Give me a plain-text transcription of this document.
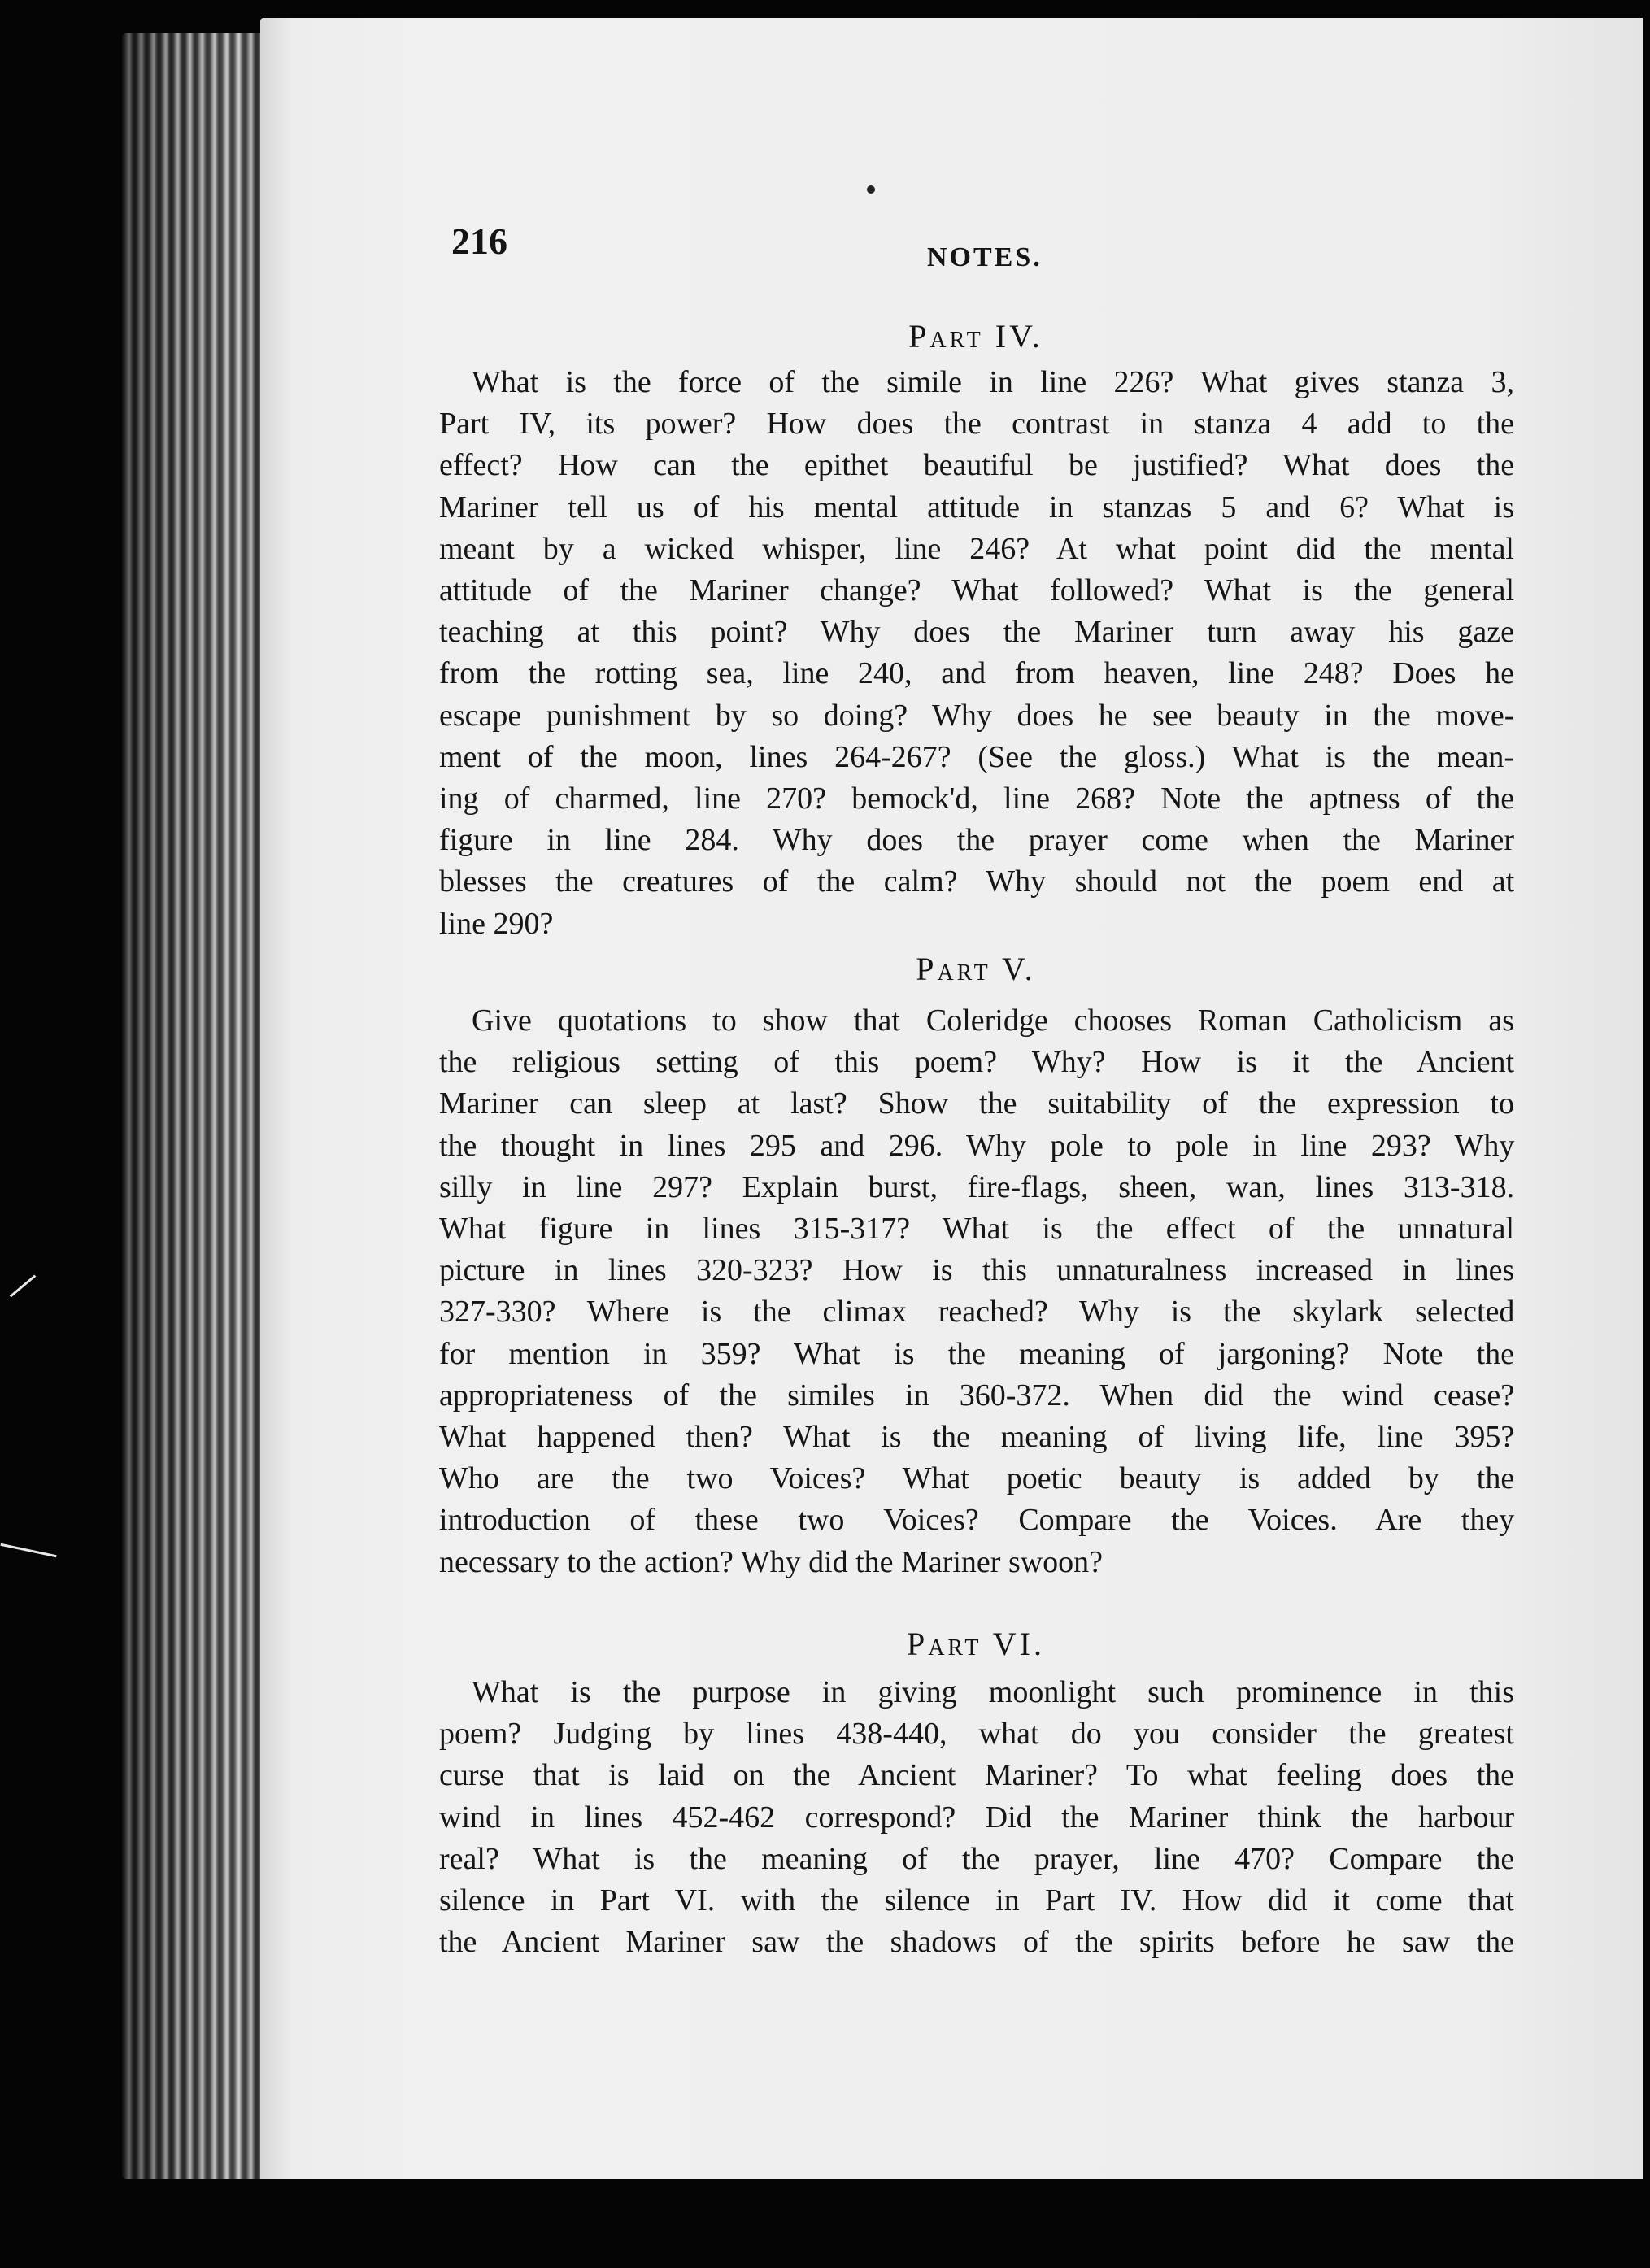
216	NOTES.
Part IV.
What is the force of the simile in line 226? What gives stanza 3,
Part IV, its power? How does the contrast in stanza 4 add to the
effect? How can the epithet beautiful be justified? What does the
Mariner tell us of his mental attitude in stanzas 5 and 6? What is
meant by a wicked whisper, line 246? At what point did the mental
attitude of the Mariner change? What followed? What is the general
teaching at this point? Why does the Mariner turn away his gaze
from the rotting sea, line 240, and from heaven, line 248? Does he
escape punishment by so doing? Why does he see beauty in the move-
ment of the moon, lines 264-267? (See the gloss.) What is the mean-
ing of charmed, line 270? bemock'd, line 268? Note the aptness of the
figure in line 284. Why does the prayer come when the Mariner
blesses the creatures of the calm? Why should not the poem end at
line 290?
Part V.
Give quotations to show that Coleridge chooses Roman Catholicism as
the religious setting of this poem? Why? How is it the Ancient
Mariner can sleep at last? Show the suitability of the expression to
the thought in lines 295 and 296. Why pole to pole in line 293? Why
silly in line 297? Explain burst, fire-flags, sheen, wan, lines 313-318.
What figure in lines 315-317? What is the effect of the unnatural
picture in lines 320-323? How is this unnaturalness increased in lines
327-330? Where is the climax reached? Why is the skylark selected
for mention in 359? What is the meaning of jargoning? Note the
appropriateness of the similes in 360-372. When did the wind cease?
What happened then? What is the meaning of living life, line 395?
Who are the two Voices? What poetic beauty is added by the
introduction of these two Voices? Compare the Voices. Are they
necessary to the action? Why did the Mariner swoon?
Part VI.
What is the purpose in giving moonlight such prominence in this
poem? Judging by lines 438-440, what do you consider the greatest
curse that is laid on the Ancient Mariner? To what feeling does the
wind in lines 452-462 correspond? Did the Mariner think the harbour
real? What is the meaning of the prayer, line 470? Compare the
silence in Part VI. with the silence in Part IV. How did it come that
the Ancient Mariner saw the shadows of the spirits before he saw the
